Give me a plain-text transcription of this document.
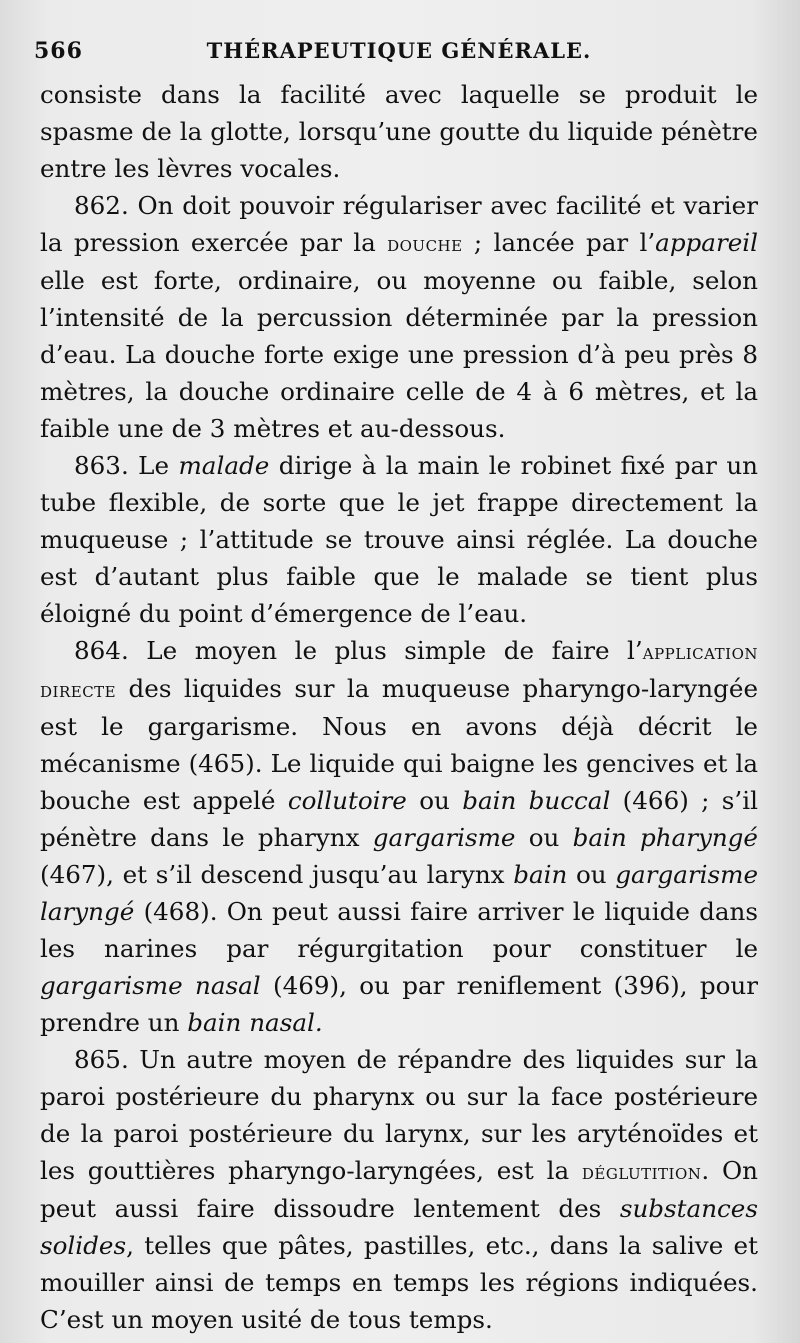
566	THÉRAPEUTIQUE GÉNÉRALE.

consiste dans la facilité avec laquelle se produit le spasme de la glotte, lorsqu’une goutte du liquide pénètre entre les lèvres vocales.

862. On doit pouvoir régulariser avec facilité et varier la pression exercée par la douche ; lancée par l’appareil elle est forte, ordinaire, ou moyenne ou faible, selon l’intensité de la percussion déterminée par la pression d’eau. La douche forte exige une pression d’à peu près 8 mètres, la douche ordinaire celle de 4 à 6 mètres, et la faible une de 3 mètres et au-dessous.

863. Le malade dirige à la main le robinet fixé par un tube flexible, de sorte que le jet frappe directement la muqueuse ; l’attitude se trouve ainsi réglée. La douche est d’autant plus faible que le malade se tient plus éloigné du point d’émergence de l’eau.

864. Le moyen le plus simple de faire l’application directe des liquides sur la muqueuse pharyngo-laryngée est le gargarisme. Nous en avons déjà décrit le mécanisme (465). Le liquide qui baigne les gencives et la bouche est appelé collutoire ou bain buccal (466) ; s’il pénètre dans le pharynx gargarisme ou bain pharyngé (467), et s’il descend jusqu’au larynx bain ou gargarisme laryngé (468). On peut aussi faire arriver le liquide dans les narines par régurgitation pour constituer le gargarisme nasal (469), ou par reniflement (396), pour prendre un bain nasal.

865. Un autre moyen de répandre des liquides sur la paroi postérieure du pharynx ou sur la face postérieure de la paroi postérieure du larynx, sur les aryténoïdes et les gouttières pharyngo-laryngées, est la déglutition. On peut aussi faire dissoudre lentement des substances solides, telles que pâtes, pastilles, etc., dans la salive et mouiller ainsi de temps en temps les régions indiquées. C’est un moyen usité de tous temps.
